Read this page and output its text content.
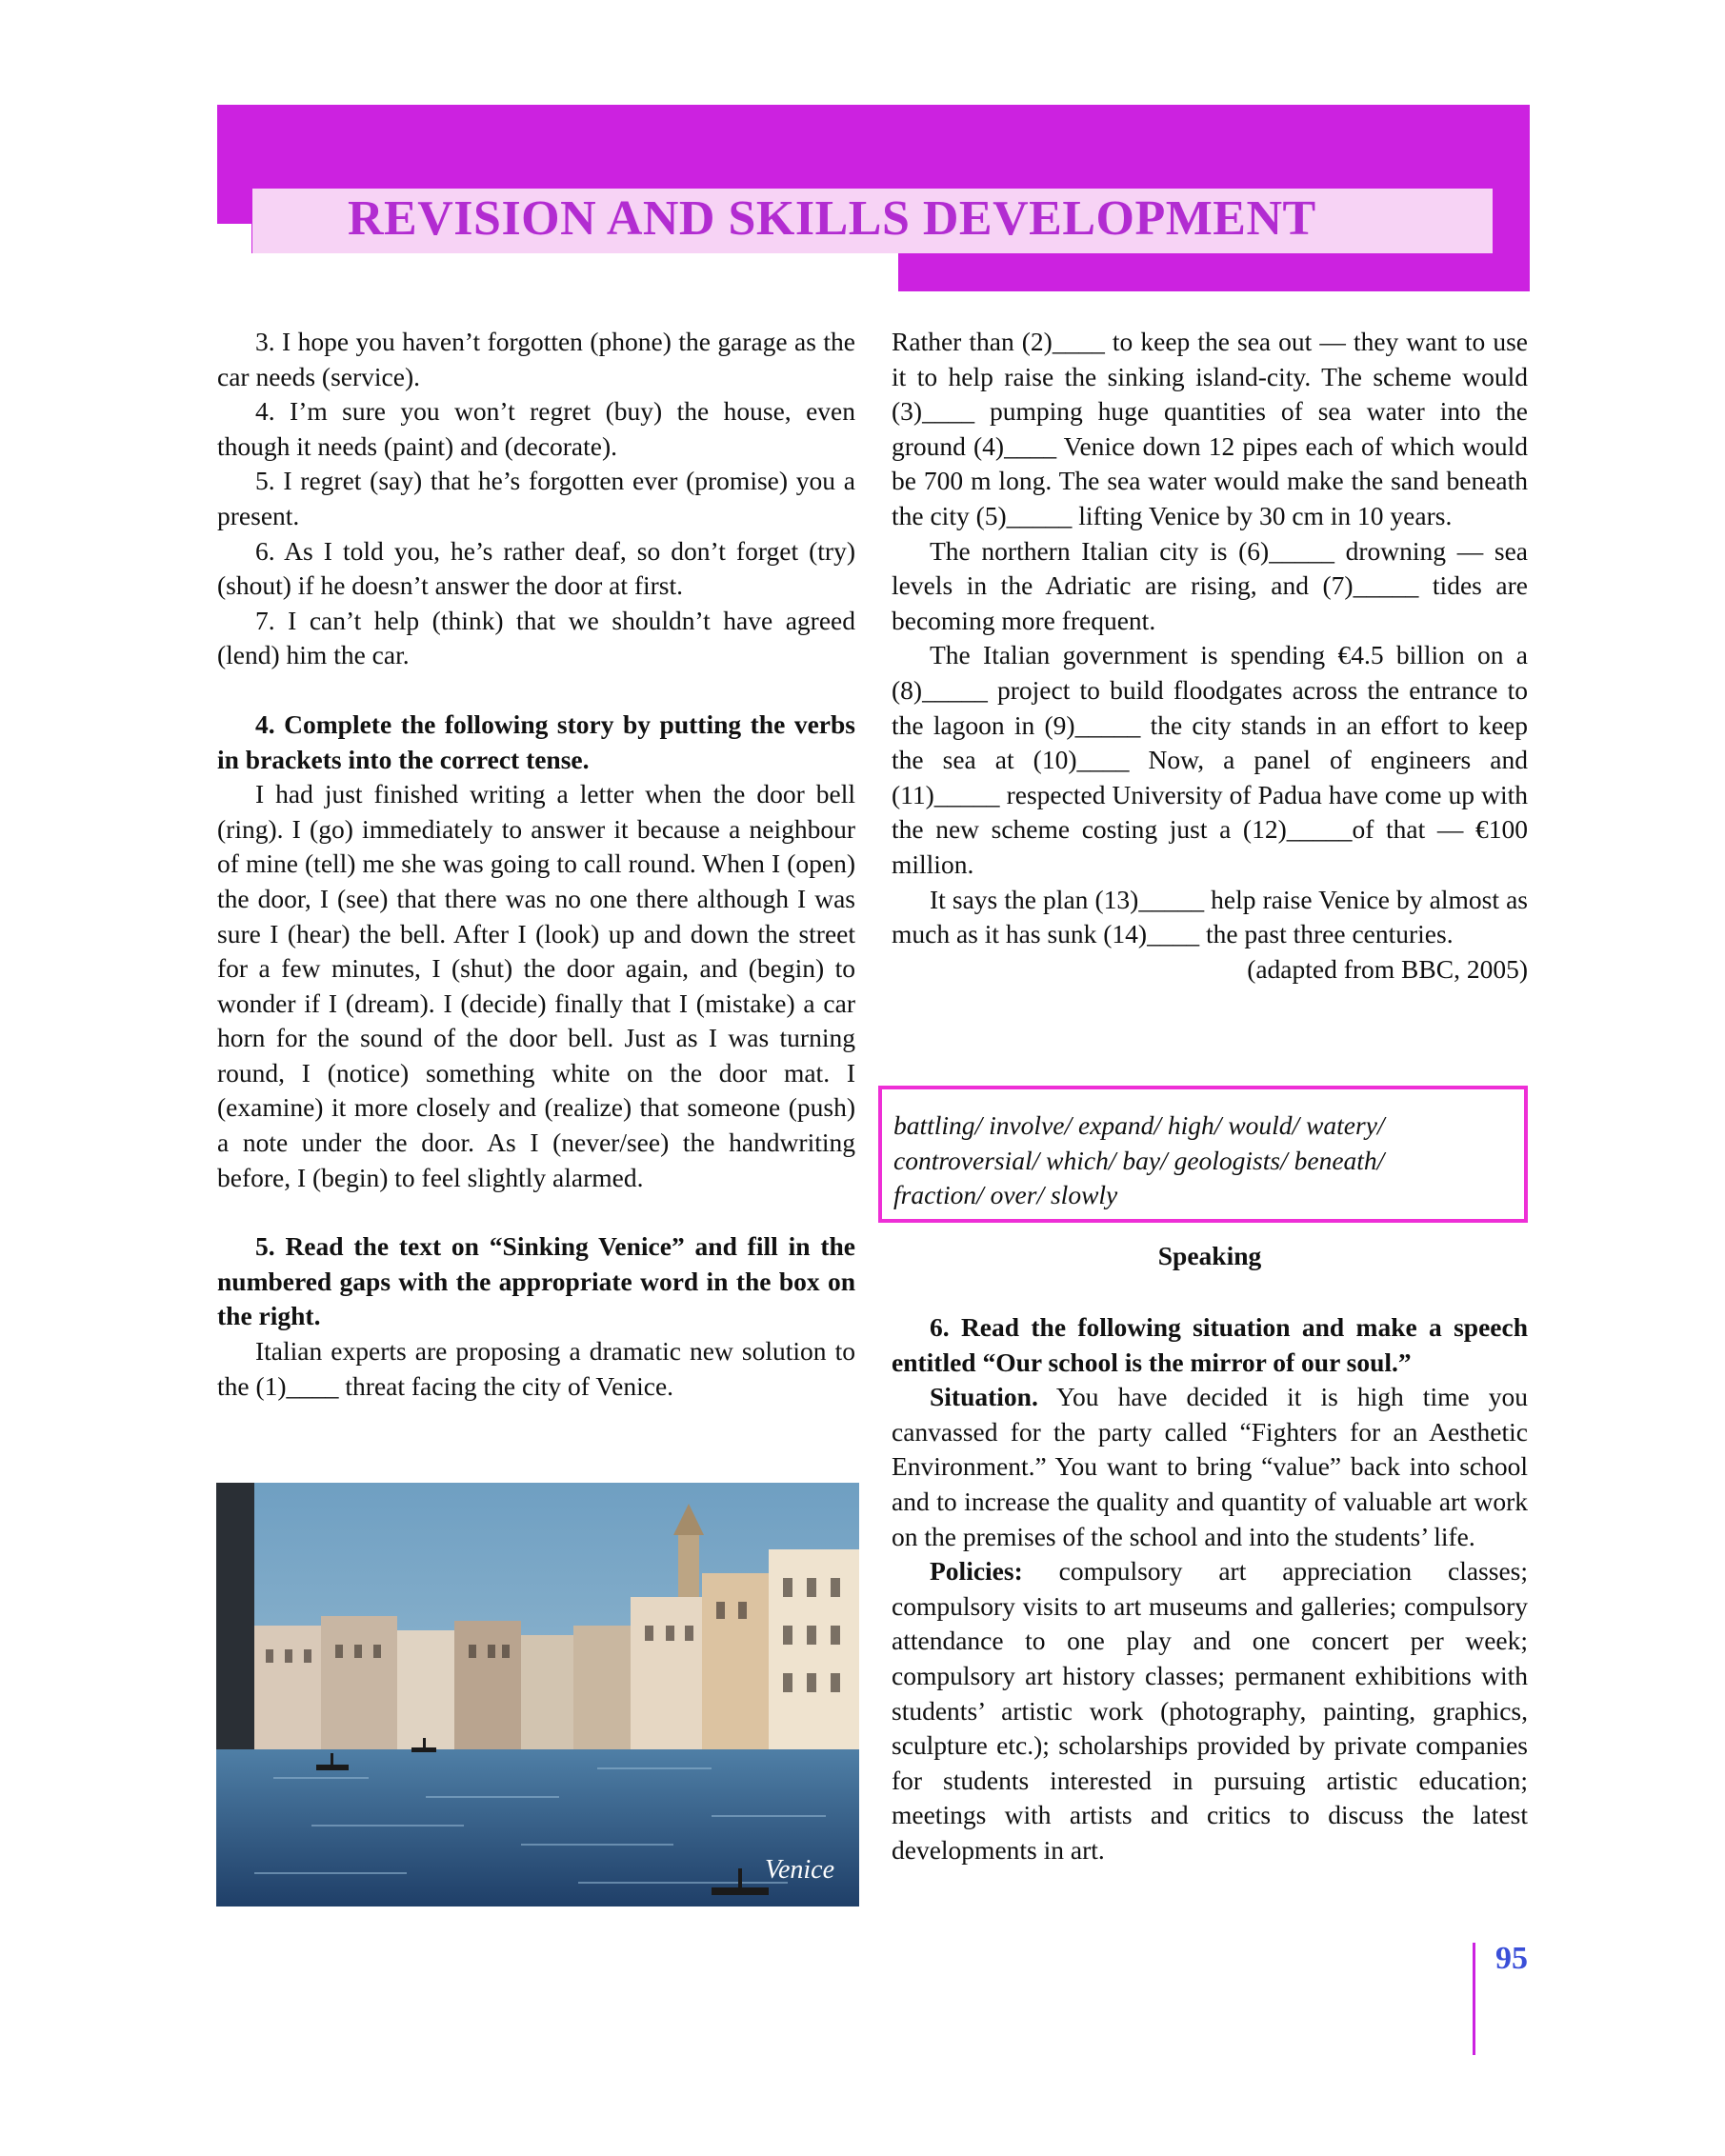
REVISION AND SKILLS DEVELOPMENT

3. I hope you haven’t forgotten (phone) the garage as the car needs (service).

4. I’m sure you won’t regret (buy) the house, even though it needs (paint) and (decorate).

5. I regret (say) that he’s forgotten ever (promise) you a present.

6. As I told you, he’s rather deaf, so don’t forget (try) (shout) if he doesn’t answer the door at first.

7. I can’t help (think) that we shouldn’t have agreed (lend) him the car.

4. Complete the following story by putting the verbs in brackets into the correct tense.

I had just finished writing a letter when the door bell (ring). I (go) immediately to answer it because a neighbour of mine (tell) me she was going to call round. When I (open) the door, I (see) that there was no one there although I was sure I (hear) the bell. After I (look) up and down the street for a few minutes, I (shut) the door again, and (begin) to wonder if I (dream). I (decide) finally that I (mistake) a car horn for the sound of the door bell. Just as I was turning round, I (notice) something white on the door mat. I (examine) it more closely and (realize) that someone (push) a note under the door. As I (never/see) the handwriting before, I (begin) to feel slightly alarmed.

5. Read the text on “Sinking Venice” and fill in the numbered gaps with the appropriate word in the box on the right.

Italian experts are proposing a dramatic new solution to the (1)____ threat facing the city of Venice.

Venice

Rather than (2)____ to keep the sea out — they want to use it to help raise the sinking island-city. The scheme would (3)____ pumping huge quantities of sea water into the ground (4)____ Venice down 12 pipes each of which would be 700 m long. The sea water would make the sand beneath the city (5)_____ lifting Venice by 30 cm in 10 years.

The northern Italian city is (6)_____ drowning — sea levels in the Adriatic are rising, and (7)_____ tides are becoming more frequent.

The Italian government is spending €4.5 billion on a (8)_____ project to build floodgates across the entrance to the lagoon in (9)_____ the city stands in an effort to keep the sea at (10)____ Now, a panel of engineers and (11)_____ respected University of Padua have come up with the new scheme costing just a (12)_____of that — €100 million.

It says the plan (13)_____ help raise Venice by almost as much as it has sunk (14)____ the past three centuries.

(adapted from BBC, 2005)

battling/ involve/ expand/ high/ would/ watery/
controversial/ which/ bay/ geologists/ beneath/
fraction/ over/ slowly
Speaking

6. Read the following situation and make a speech entitled “Our school is the mirror of our soul.”

Situation. You have decided it is high time you canvassed for the party called “Fighters for an Aesthetic Environment.” You want to bring “value” back into school and to increase the quality and quantity of valuable art work on the premises of the school and into the students’ life.

Policies: compulsory art appreciation classes; compulsory visits to art museums and galleries; compulsory attendance to one play and one concert per week; compulsory art history classes; permanent exhibitions with students’ artistic work (photography, painting, graphics, sculpture etc.); scholarships provided by private companies for students interested in pursuing artistic education; meetings with artists and critics to discuss the latest developments in art.

95
